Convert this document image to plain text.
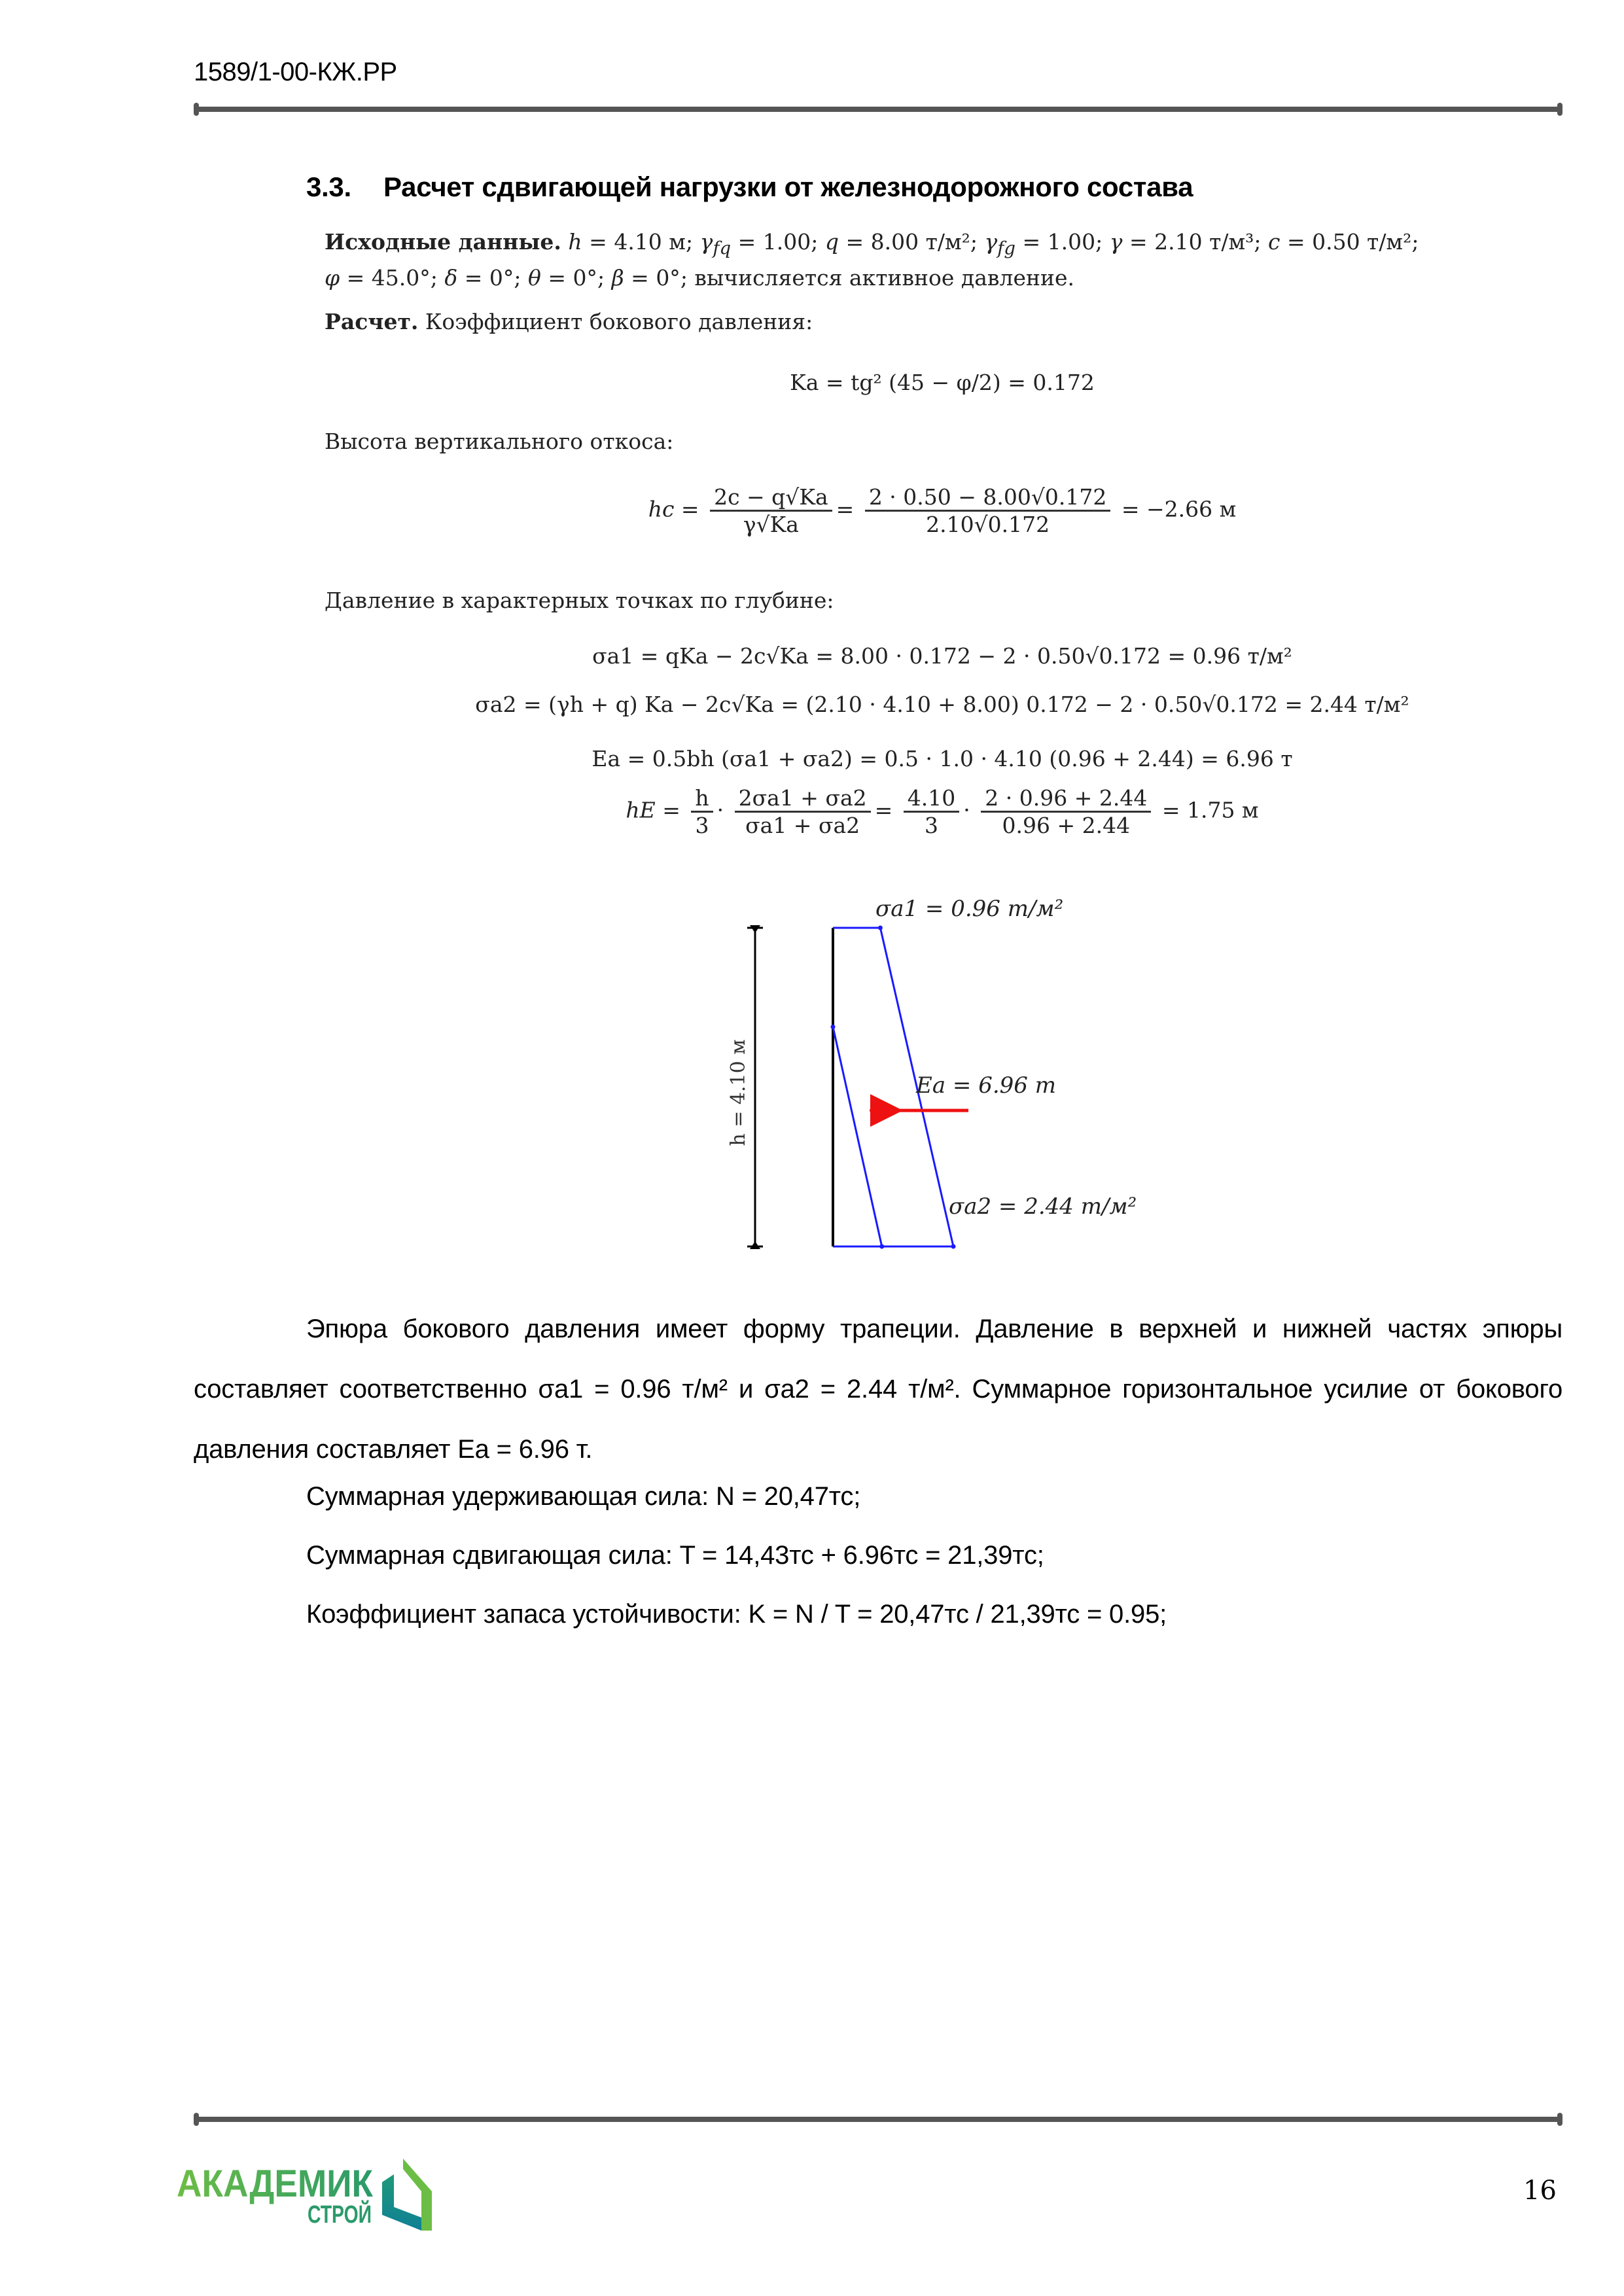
1589/1-00-КЖ.РР
3.3. Расчет сдвигающей нагрузки от железнодорожного состава
Исходные данные. h = 4.10 м; $\gamma_{fq} = 1.00$; q = 8.00 т/м²; $\gamma_{fg} = 1.00$; γ = 2.10 т/м³; c = 0.50 т/м²;
φ = 45.0°; δ = 0°; θ = 0°; β = 0°; вычисляется активное давление.
Расчет. Коэффициент бокового давления:
Ka = tg² (45 − φ/2) = 0.172
Высота вертикального откоса:
hc = $\frac{2c - q√Ka}{\gamma√Ka} = \frac{2 \cdot 0.50 - 8.00√0.172}{2.10√0.172} = -2.66$ м
Давление в характерных точках по глубине:
σa1 = qKa − 2c√Ka = 8.00 · 0.172 − 2 · 0.50√0.172 = 0.96 т/м²
σa2 = (γh + q) Ka − 2c√Ka = (2.10 · 4.10 + 8.00) 0.172 − 2 · 0.50√0.172 = 2.44 т/м²
Ea = 0.5bh (σa1 + σa2) = 0.5 · 1.0 · 4.10 (0.96 + 2.44) = 6.96 т
hE = $\frac{h}{3} \cdot \frac{2\sigma a1 + \sigma a2}{\sigma a1 + \sigma a2} = \frac{4.10}{3} \cdot \frac{2 \cdot 0.96 + 2.44}{0.96 + 2.44} = 1.75$ м
h = 4.10 м
σa1 = 0.96 т/м²
Ea = 6.96 т
σa2 = 2.44 т/м²
Эпюра бокового давления имеет форму трапеции. Давление в верхней и нижней частях эпюры составляет соответственно σа1 = 0.96 т/м² и σа2 = 2.44 т/м². Суммарное горизонтальное усилие от бокового давления составляет Еа = 6.96 т.
Суммарная удерживающая сила: N = 20,47тс;
Суммарная сдвигающая сила: T = 14,43тс + 6.96тс = 21,39тс;
Коэффициент запаса устойчивости: K = N / T = 20,47тс / 21,39тс = 0.95;
АКАДЕМИК
СТРОЙ
16
